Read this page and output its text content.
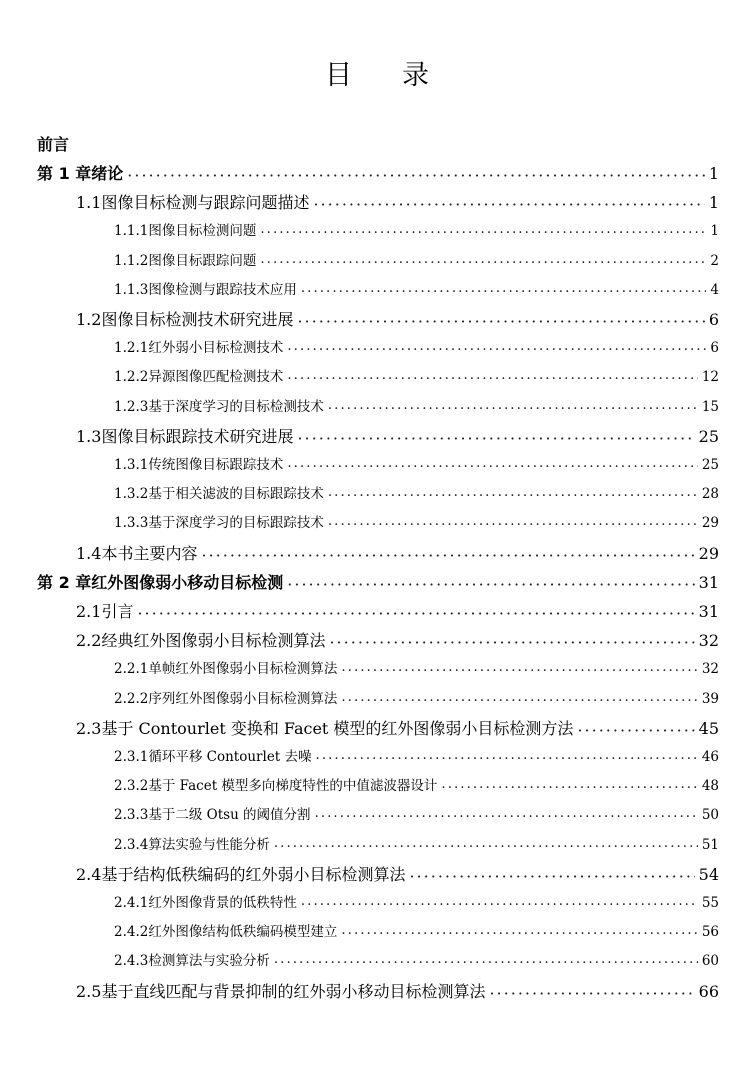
目 录
前言
第 1 章 绪论 ·····	1
1.1 图像目标检测与跟踪问题描述 ·····	1
1.1.1 图像目标检测问题 ·····	1
1.1.2 图像目标跟踪问题 ·····	2
1.1.3 图像检测与跟踪技术应用 ·····	4
1.2 图像目标检测技术研究进展 ·····	6
1.2.1 红外弱小目标检测技术 ·····	6
1.2.2 异源图像匹配检测技术 ·····	12
1.2.3 基于深度学习的目标检测技术 ·····	15
1.3 图像目标跟踪技术研究进展 ·····	25
1.3.1 传统图像目标跟踪技术 ·····	25
1.3.2 基于相关滤波的目标跟踪技术 ·····	28
1.3.3 基于深度学习的目标跟踪技术 ·····	29
1.4 本书主要内容 ·····	29
第 2 章 红外图像弱小移动目标检测 ·····	31
2.1 引言 ·····	31
2.2 经典红外图像弱小目标检测算法 ·····	32
2.2.1 单帧红外图像弱小目标检测算法 ·····	32
2.2.2 序列红外图像弱小目标检测算法 ·····	39
2.3 基于 Contourlet 变换和 Facet 模型的红外图像弱小目标检测方法 ·····	45
2.3.1 循环平移 Contourlet 去噪 ·····	46
2.3.2 基于 Facet 模型多向梯度特性的中值滤波器设计 ·····	48
2.3.3 基于二级 Otsu 的阈值分割 ·····	50
2.3.4 算法实验与性能分析 ·····	51
2.4 基于结构低秩编码的红外弱小目标检测算法 ·····	54
2.4.1 红外图像背景的低秩特性 ·····	55
2.4.2 红外图像结构低秩编码模型建立 ·····	56
2.4.3 检测算法与实验分析 ·····	60
2.5 基于直线匹配与背景抑制的红外弱小移动目标检测算法 ·····	66
